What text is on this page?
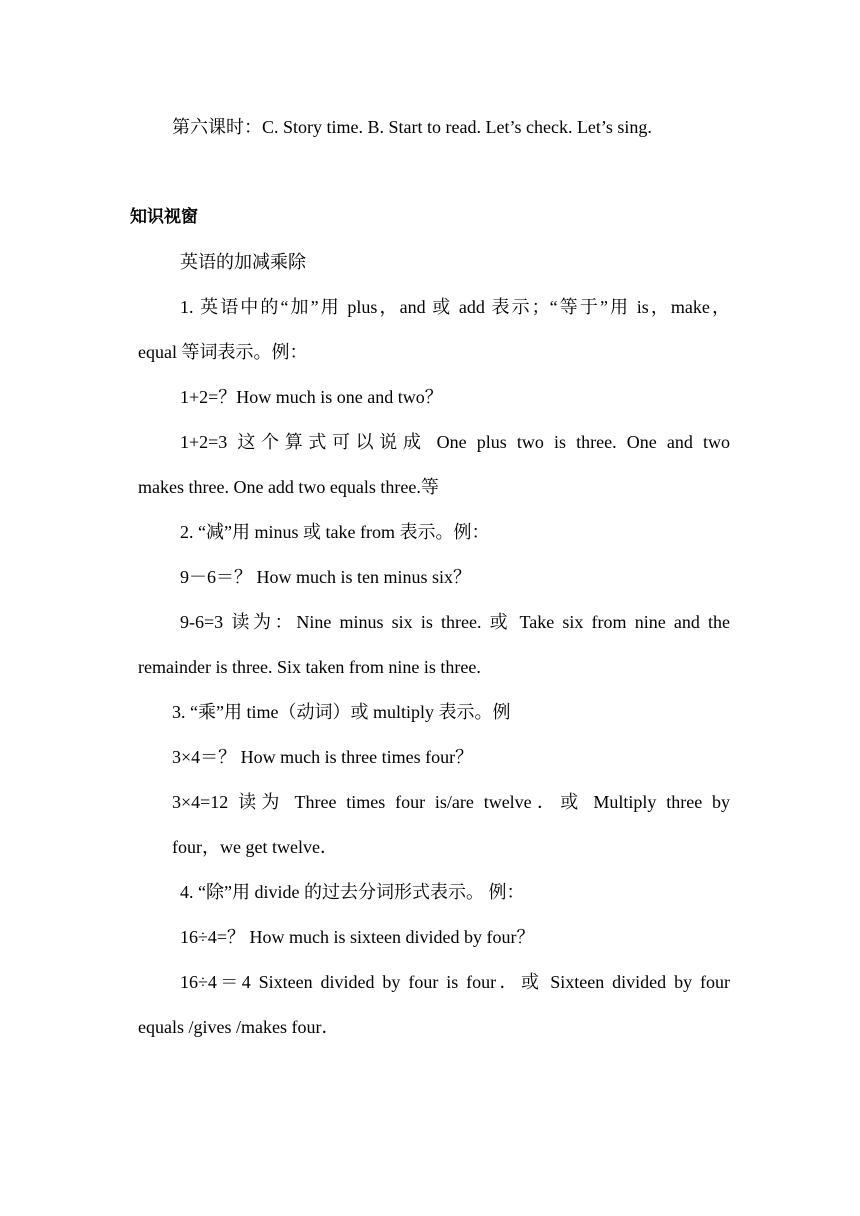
第六课时：C. Story time. B. Start to read. Let’s check. Let’s sing.
知识视窗
英语的加减乘除
1. 英语中的“加”用 plus，and 或 add 表示；“等于”用 is，make，
equal 等词表示。例：
1+2=？How much is one and two？
1+2=3 这个算式可以说成 One plus two is three. One and two
makes three. One add two equals three.等
2. “减”用 minus 或 take from 表示。例：
9－6＝？ How much is ten minus six？
9-6=3 读为：Nine minus six is three. 或 Take six from nine and the
remainder is three. Six taken from nine is three.
3. “乘”用 time（动词）或 multiply 表示。例
3×4＝？ How much is three times four？
3×4=12 读为 Three times four is/are twelve．或 Multiply three by
four，we get twelve．
4. “除”用 divide 的过去分词形式表示。 例：
16÷4=？ How much is sixteen divided by four？
16÷4＝4 Sixteen divided by four is four．或 Sixteen divided by four
equals /gives /makes four．
